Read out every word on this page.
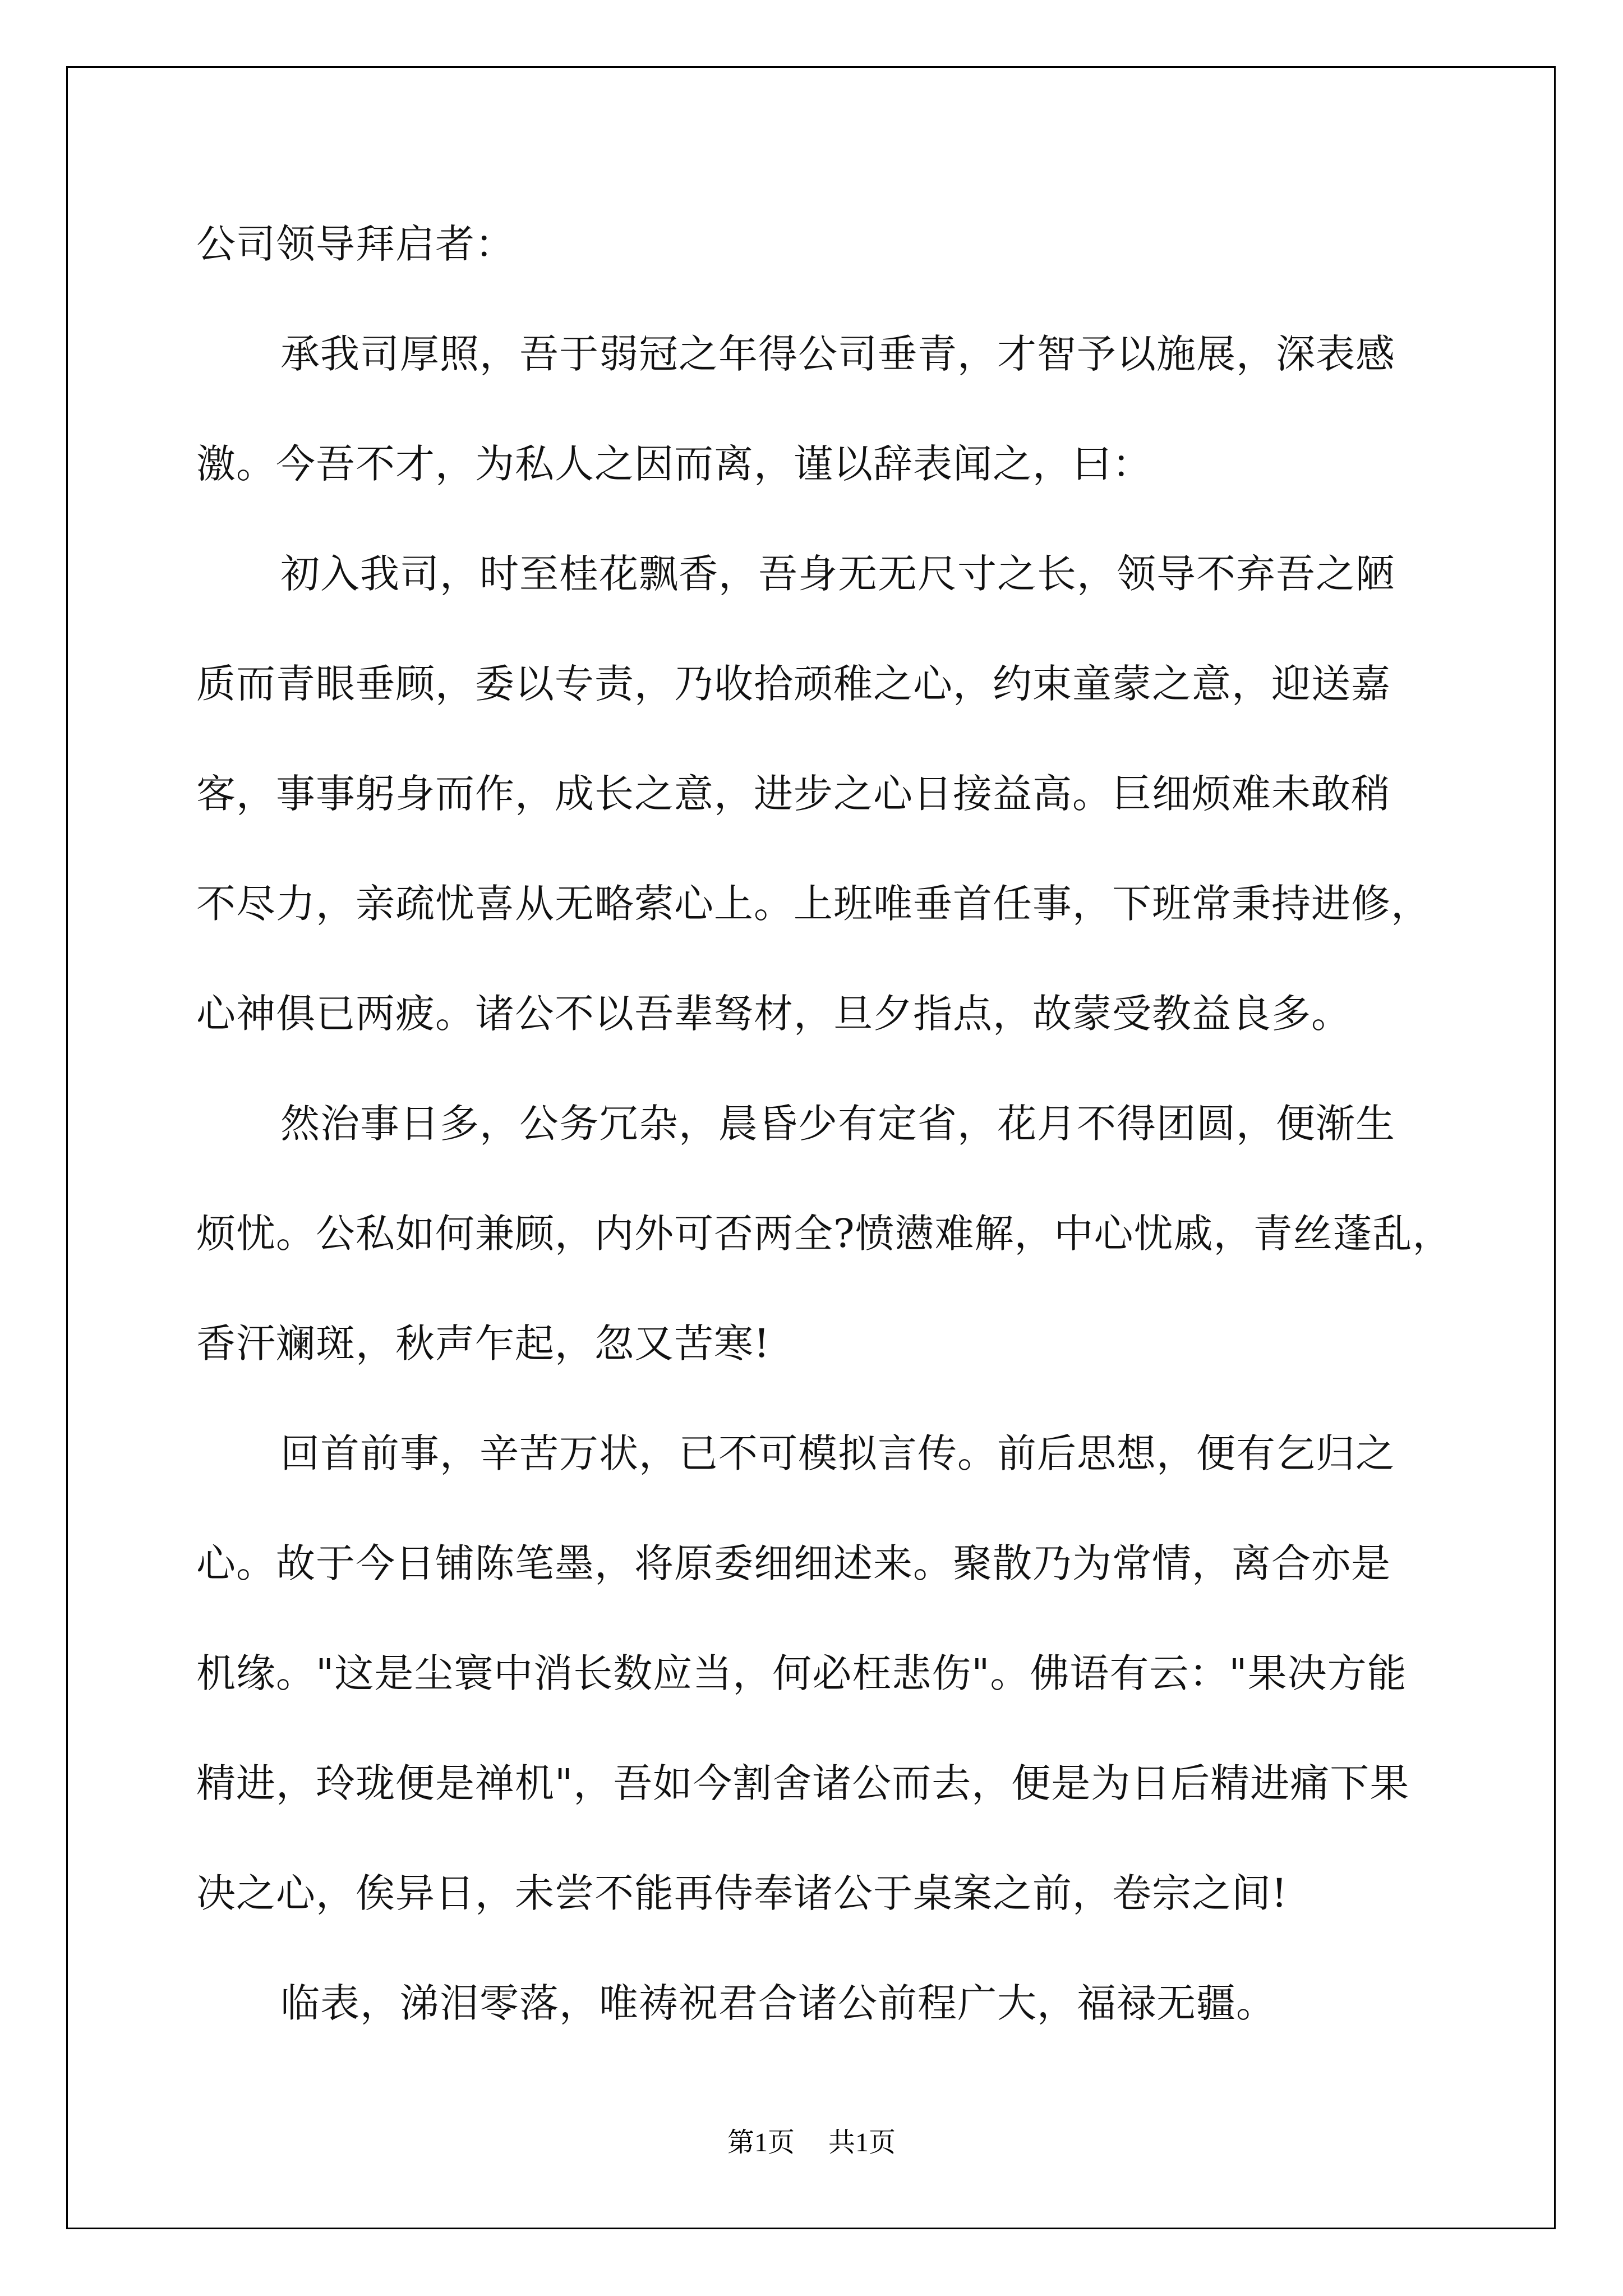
公司领导拜启者：
承我司厚照，吾于弱冠之年得公司垂青，才智予以施展，深表感
激。今吾不才，为私人之因而离，谨以辞表闻之，曰：
初入我司，时至桂花飘香，吾身无无尺寸之长，领导不弃吾之陋
质而青眼垂顾，委以专责，乃收拾顽稚之心，约束童蒙之意，迎送嘉
客，事事躬身而作，成长之意，进步之心日接益高。巨细烦难未敢稍
不尽力，亲疏忧喜从无略萦心上。上班唯垂首任事，下班常秉持进修，
心神俱已两疲。诸公不以吾辈驽材，旦夕指点，故蒙受教益良多。
然治事日多，公务冗杂，晨昏少有定省，花月不得团圆，便渐生
烦忧。公私如何兼顾，内外可否两全?愤懑难解，中心忧戚，青丝蓬乱，
香汗斓斑，秋声乍起，忽又苦寒!
回首前事，辛苦万状，已不可模拟言传。前后思想，便有乞归之
心。故于今日铺陈笔墨，将原委细细述来。聚散乃为常情，离合亦是
机缘。"这是尘寰中消长数应当，何必枉悲伤"。佛语有云："果决方能
精进，玲珑便是禅机"，吾如今割舍诸公而去，便是为日后精进痛下果
决之心，俟异日，未尝不能再侍奉诸公于桌案之前，卷宗之间!
临表，涕泪零落，唯祷祝君合诸公前程广大，福禄无疆。
第1页 共1页
